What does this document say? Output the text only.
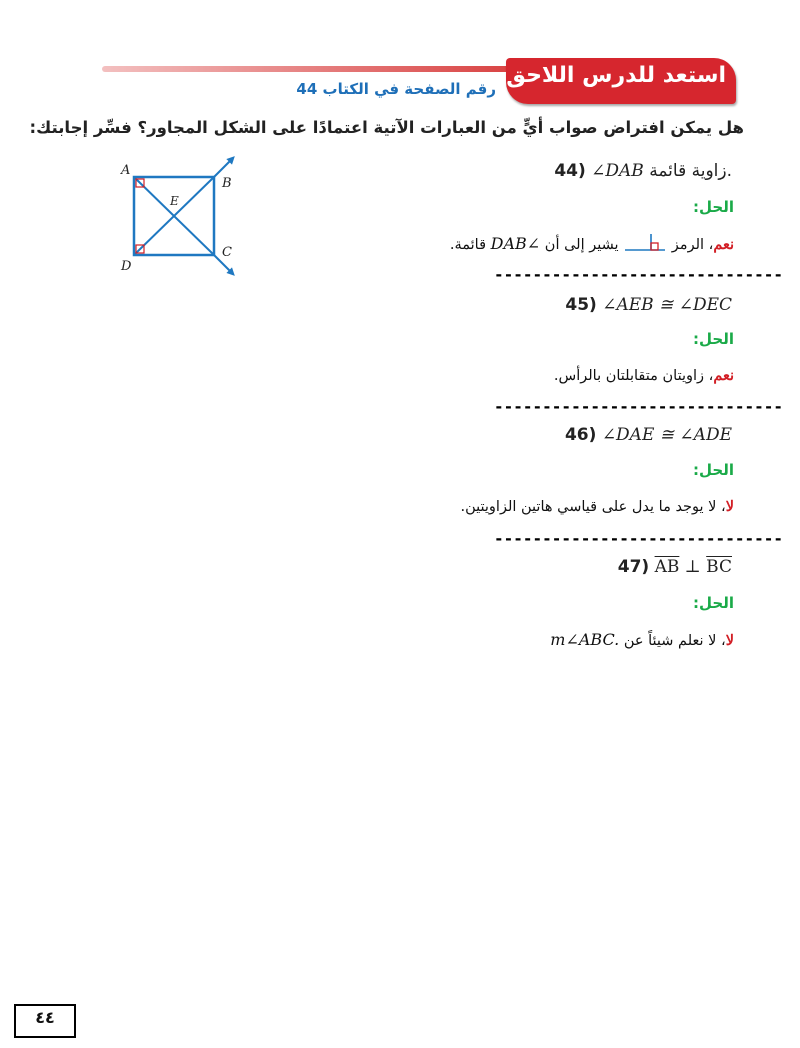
استعد للدرس اللاحق
رقم الصفحة في الكتاب 44
هل يمكن افتراض صواب أيٍّ من العبارات الآتية اعتمادًا على الشكل المجاور؟ فسِّر إجابتك:
A
B
C
D
E
44) ∠DAB زاوية قائمة.
الحل:
نعم، الرمز  يشير إلى أن ∠DAB قائمة.
------------------------------
45) ∠AEB ≅ ∠DEC
الحل:
نعم، زاويتان متقابلتان بالرأس.
------------------------------
46) ∠DAE ≅ ∠ADE
الحل:
لا، لا يوجد ما يدل على قياسي هاتين الزاويتين.
------------------------------
47) $\overline{AB}$ ⊥ $\overline{BC}$
الحل:
لا، لا نعلم شيئاً عن m∠ABC.
٤٤
